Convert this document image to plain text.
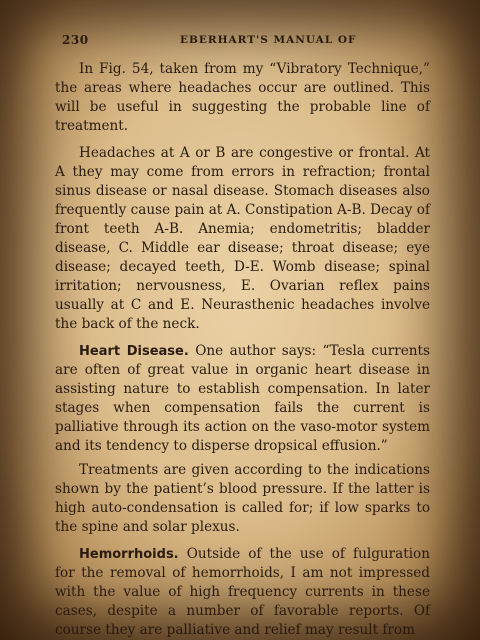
230	EBERHART'S MANUAL OF

In Fig. 54, taken from my “Vibratory Technique,” the areas where headaches occur are outlined. This will be useful in suggesting the probable line of treatment.

Headaches at A or B are congestive or frontal. At A they may come from errors in refraction; frontal sinus disease or nasal disease. Stomach diseases also frequently cause pain at A. Constipation A-B. Decay of front teeth A-B. Anemia; endometritis; bladder disease, C. Middle ear disease; throat disease; eye disease; decayed teeth, D-E. Womb disease; spinal irritation; nervousness, E. Ovarian reflex pains usually at C and E. Neurasthenic headaches involve the back of the neck.

Heart Disease. One author says: “Tesla currents are often of great value in organic heart disease in assisting nature to establish compensation. In later stages when compensation fails the current is palliative through its action on the vaso-motor system and its tendency to disperse dropsical effusion.”

Treatments are given according to the indications shown by the patient’s blood pressure. If the latter is high auto-condensation is called for; if low sparks to the spine and solar plexus.

Hemorrhoids. Outside of the use of fulguration for the removal of hemorrhoids, I am not impressed with the value of high frequency currents in these cases, despite a number of favorable reports. Of course they are palliative and relief may result from
